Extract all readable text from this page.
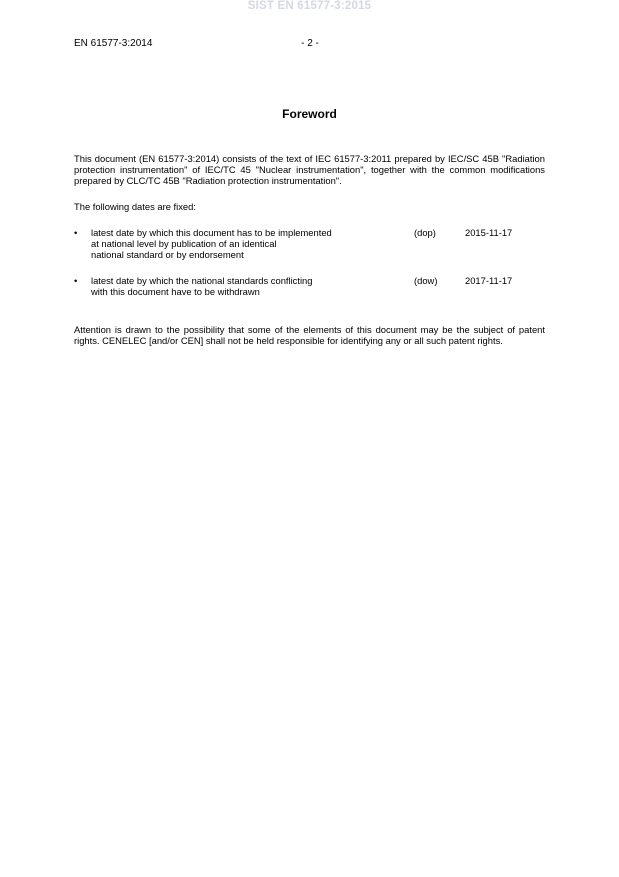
SIST EN 61577-3:2015
EN 61577-3:2014	- 2 -
Foreword
This document (EN 61577-3:2014) consists of the text of IEC 61577-3:2011 prepared by IEC/SC 45B "Radiation protection instrumentation" of IEC/TC 45 "Nuclear instrumentation", together with the common modifications prepared by CLC/TC 45B "Radiation protection instrumentation".
The following dates are fixed:
• latest date by which this document has to be implemented
at national level by publication of an identical
national standard or by endorsement
(dop)	2015-11-17
• latest date by which the national standards conflicting
with this document have to be withdrawn
(dow)	2017-11-17
Attention is drawn to the possibility that some of the elements of this document may be the subject of patent rights. CENELEC [and/or CEN] shall not be held responsible for identifying any or all such patent rights.
